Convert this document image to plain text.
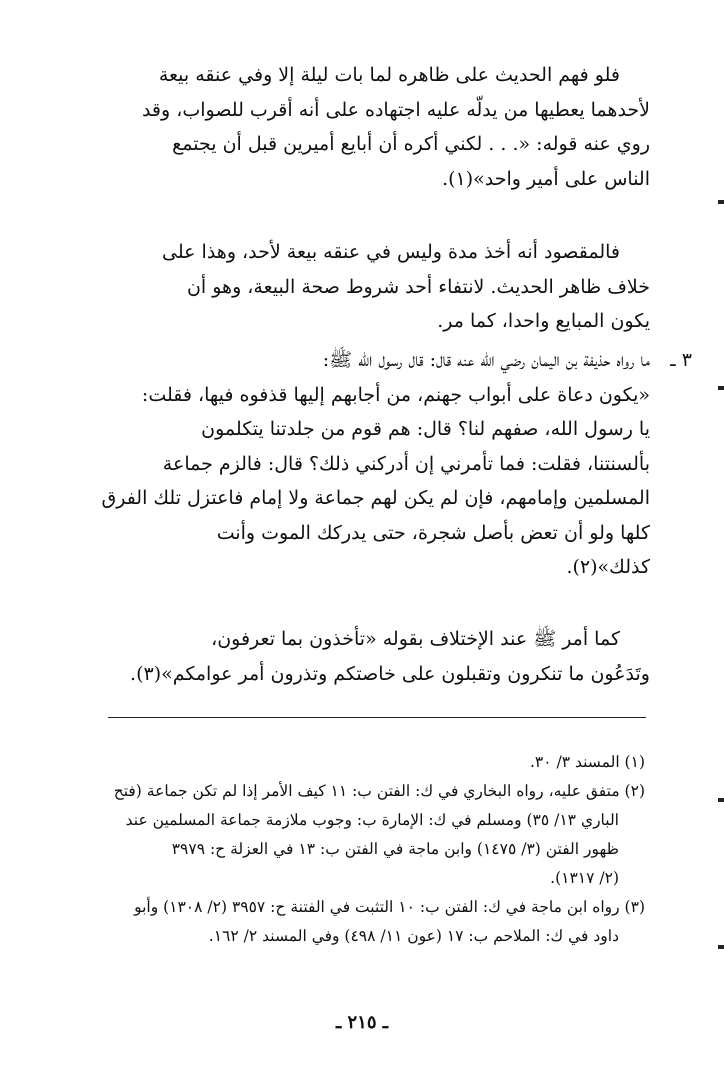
فلو فهم الحديث على ظاهره لما بات ليلة إلا وفي عنقه بيعة
لأحدهما يعطيها من يدلّه عليه اجتهاده على أنه أقرب للصواب، وقد
روي عنه قوله: «. . . لكني أكره أن أبايع أميرين قبل أن يجتمع
الناس على أمير واحد»(١).
فالمقصود أنه أخذ مدة وليس في عنقه بيعة لأحد، وهذا على
خلاف ظاهر الحديث. لانتفاء أحد شروط صحة البيعة، وهو أن
يكون المبايع واحدا، كما مر.
٣ ـ
ما رواه حذيفة بن اليمان رضي الله عنه قال: قال رسول الله ﷺ:
«يكون دعاة على أبواب جهنم، من أجابهم إليها قذفوه فيها، فقلت:
يا رسول الله، صفهم لنا؟ قال: هم قوم من جلدتنا يتكلمون
بألسنتنا، فقلت: فما تأمرني إن أدركني ذلك؟ قال: فالزم جماعة
المسلمين وإمامهم، فإن لم يكن لهم جماعة ولا إمام فاعتزل تلك الفرق
كلها ولو أن تعض بأصل شجرة، حتى يدركك الموت وأنت
كذلك»(٢).
كما أمر ﷺ عند الإختلاف بقوله «تأخذون بما تعرفون،
وتَدَعُون ما تنكرون وتقبلون على خاصتكم وتذرون أمر عوامكم»(٣).
(١) المسند ٣/ ٣٠.
(٢) متفق عليه، رواه البخاري في ك: الفتن ب: ١١ كيف الأمر إذا لم تكن جماعة (فتح
الباري ١٣/ ٣٥) ومسلم في ك: الإمارة ب: وجوب ملازمة جماعة المسلمين عند
ظهور الفتن (٣/ ١٤٧٥) وابن ماجة في الفتن ب: ١٣ في العزلة ح: ٣٩٧٩
(٢/ ١٣١٧).
(٣) رواه ابن ماجة في ك: الفتن ب: ١٠ التثبت في الفتنة ح: ٣٩٥٧ (٢/ ١٣٠٨) وأبو
داود في ك: الملاحم ب: ١٧ (عون ١١/ ٤٩٨) وفي المسند ٢/ ١٦٢.
ـ ٢١٥ ـ
